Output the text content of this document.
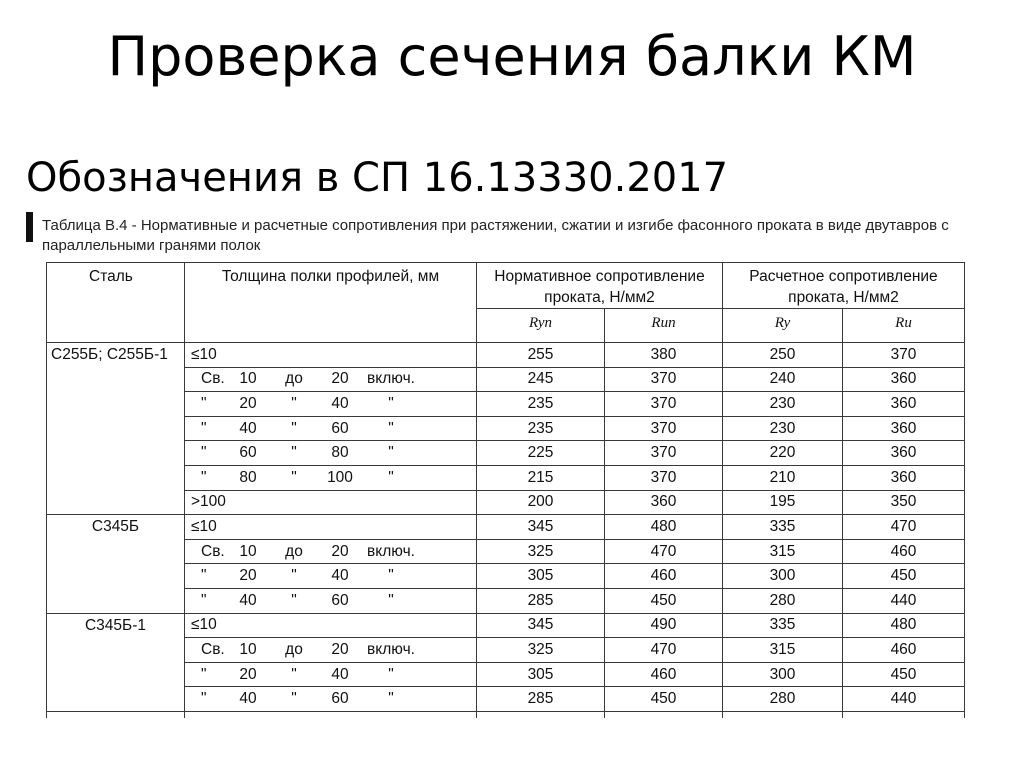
Проверка сечения балки КМ

Обозначения в СП 16.13330.2017

Таблица В.4 - Нормативные и расчетные сопротивления при растяжении, сжатии и изгибе фасонного проката в виде двутавров с параллельными гранями полок

Сталь	Толщина полки профилей, мм	Нормативное сопротивление проката, Н/мм2		Расчетное сопротивление проката, Н/мм2	
		Ryn	Run	Ry	Ru
С255Б; С255Б-1	≤10	255	380	250	370

	Св. 10 до 20 включ.	245	370	240	360

	" 20 " 40 "	235	370	230	360

	" 40 " 60 "	235	370	230	360

	" 60 " 80 "	225	370	220	360

	" 80 " 100 "	215	370	210	360

	>100	200	360	195	350
С345Б	≤10	345	480	335	470

	Св. 10 до 20 включ.	325	470	315	460

	" 20 " 40 "	305	460	300	450

	" 40 " 60 "	285	450	280	440
С345Б-1	≤10	345	490	335	480

	Св. 10 до 20 включ.	325	470	315	460

	" 20 " 40 "	305	460	300	450

	" 40 " 60 "	285	450	280	440
